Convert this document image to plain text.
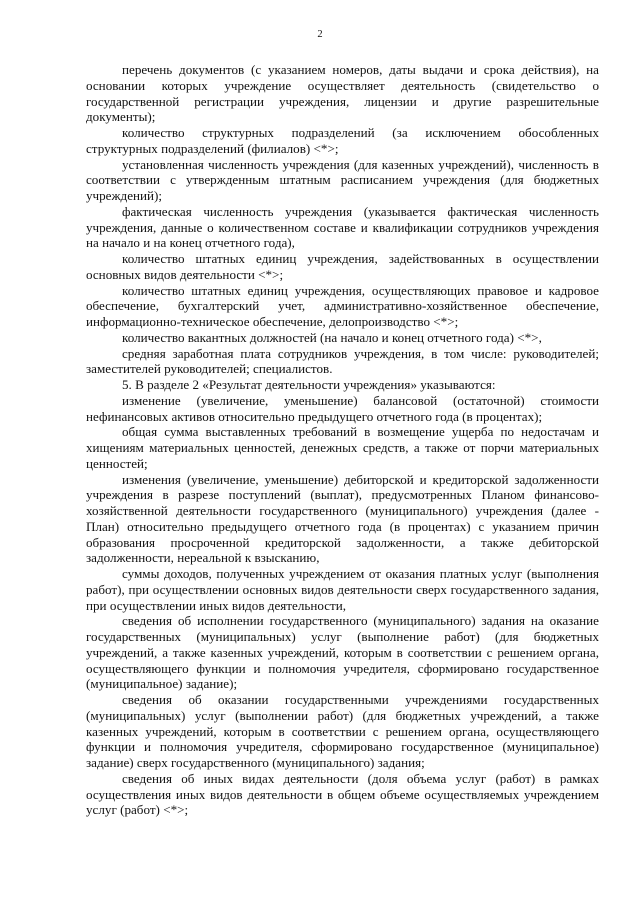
2

перечень документов (с указанием номеров, даты выдачи и срока действия), на основании которых учреждение осуществляет деятельность (свидетельство о государственной регистрации учреждения, лицензии и другие разрешительные документы);

количество структурных подразделений (за исключением обособленных структурных подразделений (филиалов) <*>;

установленная численность учреждения (для казенных учреждений), численность в соответствии с утвержденным штатным расписанием учреждения (для бюджетных учреждений);

фактическая численность учреждения (указывается фактическая численность учреждения, данные о количественном составе и квалификации сотрудников учреждения на начало и на конец отчетного года),

количество штатных единиц учреждения, задействованных в осуществлении основных видов деятельности <*>;

количество штатных единиц учреждения, осуществляющих правовое и кадровое обеспечение, бухгалтерский учет, административно-хозяйственное обеспечение, информационно-техническое обеспечение, делопроизводство <*>;

количество вакантных должностей (на начало и конец отчетного года) <*>,

средняя заработная плата сотрудников учреждения, в том числе: руководителей; заместителей руководителей; специалистов.

5. В разделе 2 «Результат деятельности учреждения» указываются:

изменение (увеличение, уменьшение) балансовой (остаточной) стоимости нефинансовых активов относительно предыдущего отчетного года (в процентах);

общая сумма выставленных требований в возмещение ущерба по недостачам и хищениям материальных ценностей, денежных средств, а также от порчи материальных ценностей;

изменения (увеличение, уменьшение) дебиторской и кредиторской задолженности учреждения в разрезе поступлений (выплат), предусмотренных Планом финансово-хозяйственной деятельности государственного (муниципального) учреждения (далее - План) относительно предыдущего отчетного года (в процентах) с указанием причин образования просроченной кредиторской задолженности, а также дебиторской задолженности, нереальной к взысканию,

суммы доходов, полученных учреждением от оказания платных услуг (выполнения работ), при осуществлении основных видов деятельности сверх государственного задания, при осуществлении иных видов деятельности,

сведения об исполнении государственного (муниципального) задания на оказание государственных (муниципальных) услуг (выполнение работ) (для бюджетных учреждений, а также казенных учреждений, которым в соответствии с решением органа, осуществляющего функции и полномочия учредителя, сформировано государственное (муниципальное) задание);

сведения об оказании государственными учреждениями государственных (муниципальных) услуг (выполнении работ) (для бюджетных учреждений, а также казенных учреждений, которым в соответствии с решением органа, осуществляющего функции и полномочия учредителя, сформировано государственное (муниципальное) задание) сверх государственного (муниципального) задания;

сведения об иных видах деятельности (доля объема услуг (работ) в рамках осуществления иных видов деятельности в общем объеме осуществляемых учреждением услуг (работ) <*>;
